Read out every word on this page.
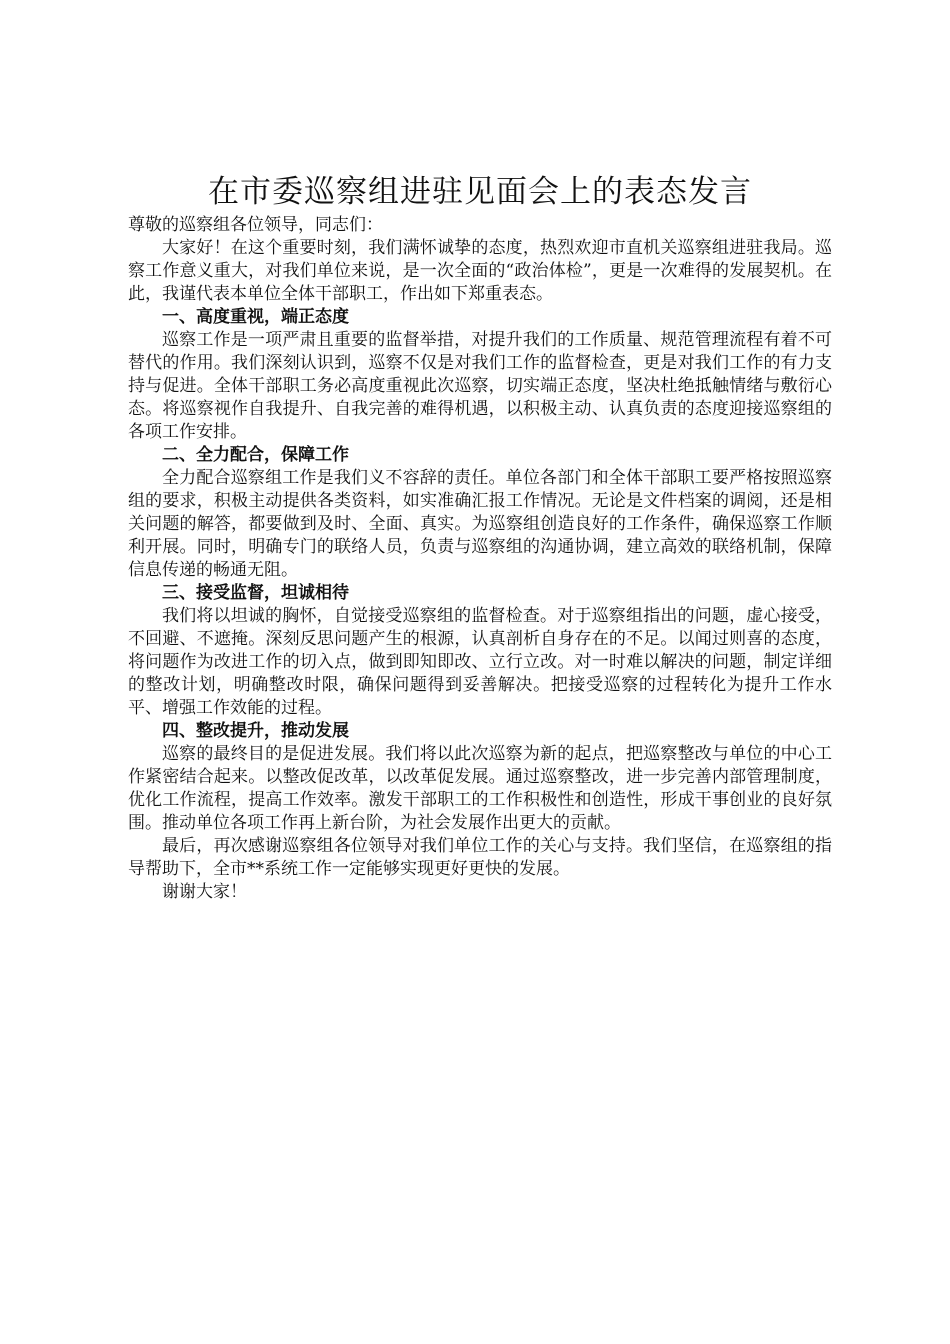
在市委巡察组进驻见面会上的表态发言

尊敬的巡察组各位领导，同志们：

大家好！在这个重要时刻，我们满怀诚挚的态度，热烈欢迎市直机关巡察组进驻我局。巡察工作意义重大，对我们单位来说，是一次全面的“政治体检”，更是一次难得的发展契机。在此，我谨代表本单位全体干部职工，作出如下郑重表态。

一、高度重视，端正态度

巡察工作是一项严肃且重要的监督举措，对提升我们的工作质量、规范管理流程有着不可替代的作用。我们深刻认识到，巡察不仅是对我们工作的监督检查，更是对我们工作的有力支持与促进。全体干部职工务必高度重视此次巡察，切实端正态度，坚决杜绝抵触情绪与敷衍心态。将巡察视作自我提升、自我完善的难得机遇，以积极主动、认真负责的态度迎接巡察组的各项工作安排。

二、全力配合，保障工作

全力配合巡察组工作是我们义不容辞的责任。单位各部门和全体干部职工要严格按照巡察组的要求，积极主动提供各类资料，如实准确汇报工作情况。无论是文件档案的调阅，还是相关问题的解答，都要做到及时、全面、真实。为巡察组创造良好的工作条件，确保巡察工作顺利开展。同时，明确专门的联络人员，负责与巡察组的沟通协调，建立高效的联络机制，保障信息传递的畅通无阻。

三、接受监督，坦诚相待

我们将以坦诚的胸怀，自觉接受巡察组的监督检查。对于巡察组指出的问题，虚心接受，不回避、不遮掩。深刻反思问题产生的根源，认真剖析自身存在的不足。以闻过则喜的态度，将问题作为改进工作的切入点，做到即知即改、立行立改。对一时难以解决的问题，制定详细的整改计划，明确整改时限，确保问题得到妥善解决。把接受巡察的过程转化为提升工作水平、增强工作效能的过程。

四、整改提升，推动发展

巡察的最终目的是促进发展。我们将以此次巡察为新的起点，把巡察整改与单位的中心工作紧密结合起来。以整改促改革，以改革促发展。通过巡察整改，进一步完善内部管理制度，优化工作流程，提高工作效率。激发干部职工的工作积极性和创造性，形成干事创业的良好氛围。推动单位各项工作再上新台阶，为社会发展作出更大的贡献。

最后，再次感谢巡察组各位领导对我们单位工作的关心与支持。我们坚信，在巡察组的指导帮助下，全市**系统工作一定能够实现更好更快的发展。

谢谢大家！
